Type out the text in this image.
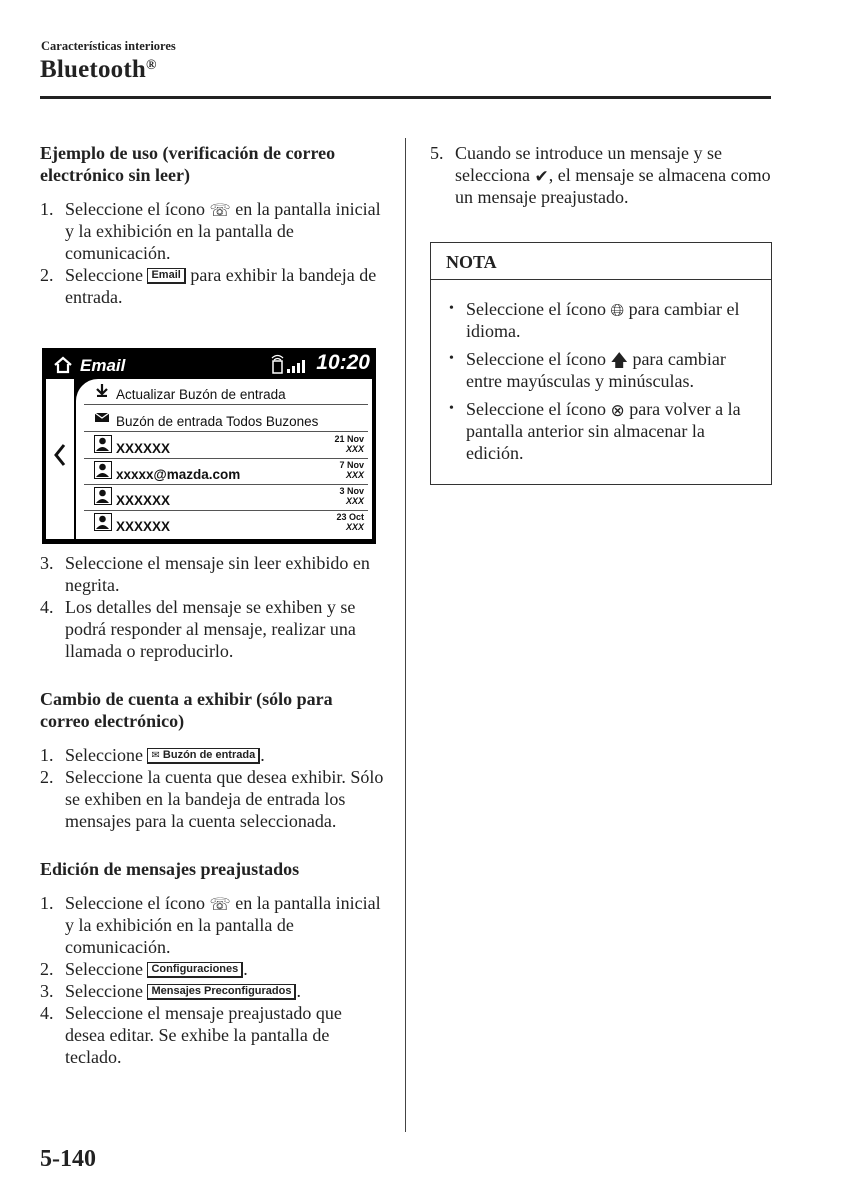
Características interiores
Bluetooth®
Ejemplo de uso (verificación de correo electrónico sin leer)
1. Seleccione el ícono ☏ en la pantalla inicial y la exhibición en la pantalla de comunicación.
2. Seleccione Email para exhibir la bandeja de entrada.
Email	10:20
Actualizar Buzón de entrada
Buzón de entrada Todos Buzones
XXXXXX
21 Nov
XXX
xxxxx@mazda.com
7 Nov
XXX
XXXXXX
3 Nov
XXX
XXXXXX
23 Oct
XXX
3. Seleccione el mensaje sin leer exhibido en negrita.
4. Los detalles del mensaje se exhiben y se podrá responder al mensaje, realizar una llamada o reproducirlo.
Cambio de cuenta a exhibir (sólo para correo electrónico)
1. Seleccione ✉ Buzón de entrada .
2. Seleccione la cuenta que desea exhibir. Sólo se exhiben en la bandeja de entrada los mensajes para la cuenta seleccionada.
Edición de mensajes preajustados
1. Seleccione el ícono ☏ en la pantalla inicial y la exhibición en la pantalla de comunicación.
2. Seleccione Configuraciones .
3. Seleccione Mensajes Preconfigurados .
4. Seleccione el mensaje preajustado que desea editar. Se exhibe la pantalla de teclado.
5. Cuando se introduce un mensaje y se selecciona ✔, el mensaje se almacena como un mensaje preajustado.
NOTA
• Seleccione el ícono 🌐︎ para cambiar el idioma.
• Seleccione el ícono 🡅 para cambiar entre mayúsculas y minúsculas.
• Seleccione el ícono ⊗ para volver a la pantalla anterior sin almacenar la edición.
5-140
